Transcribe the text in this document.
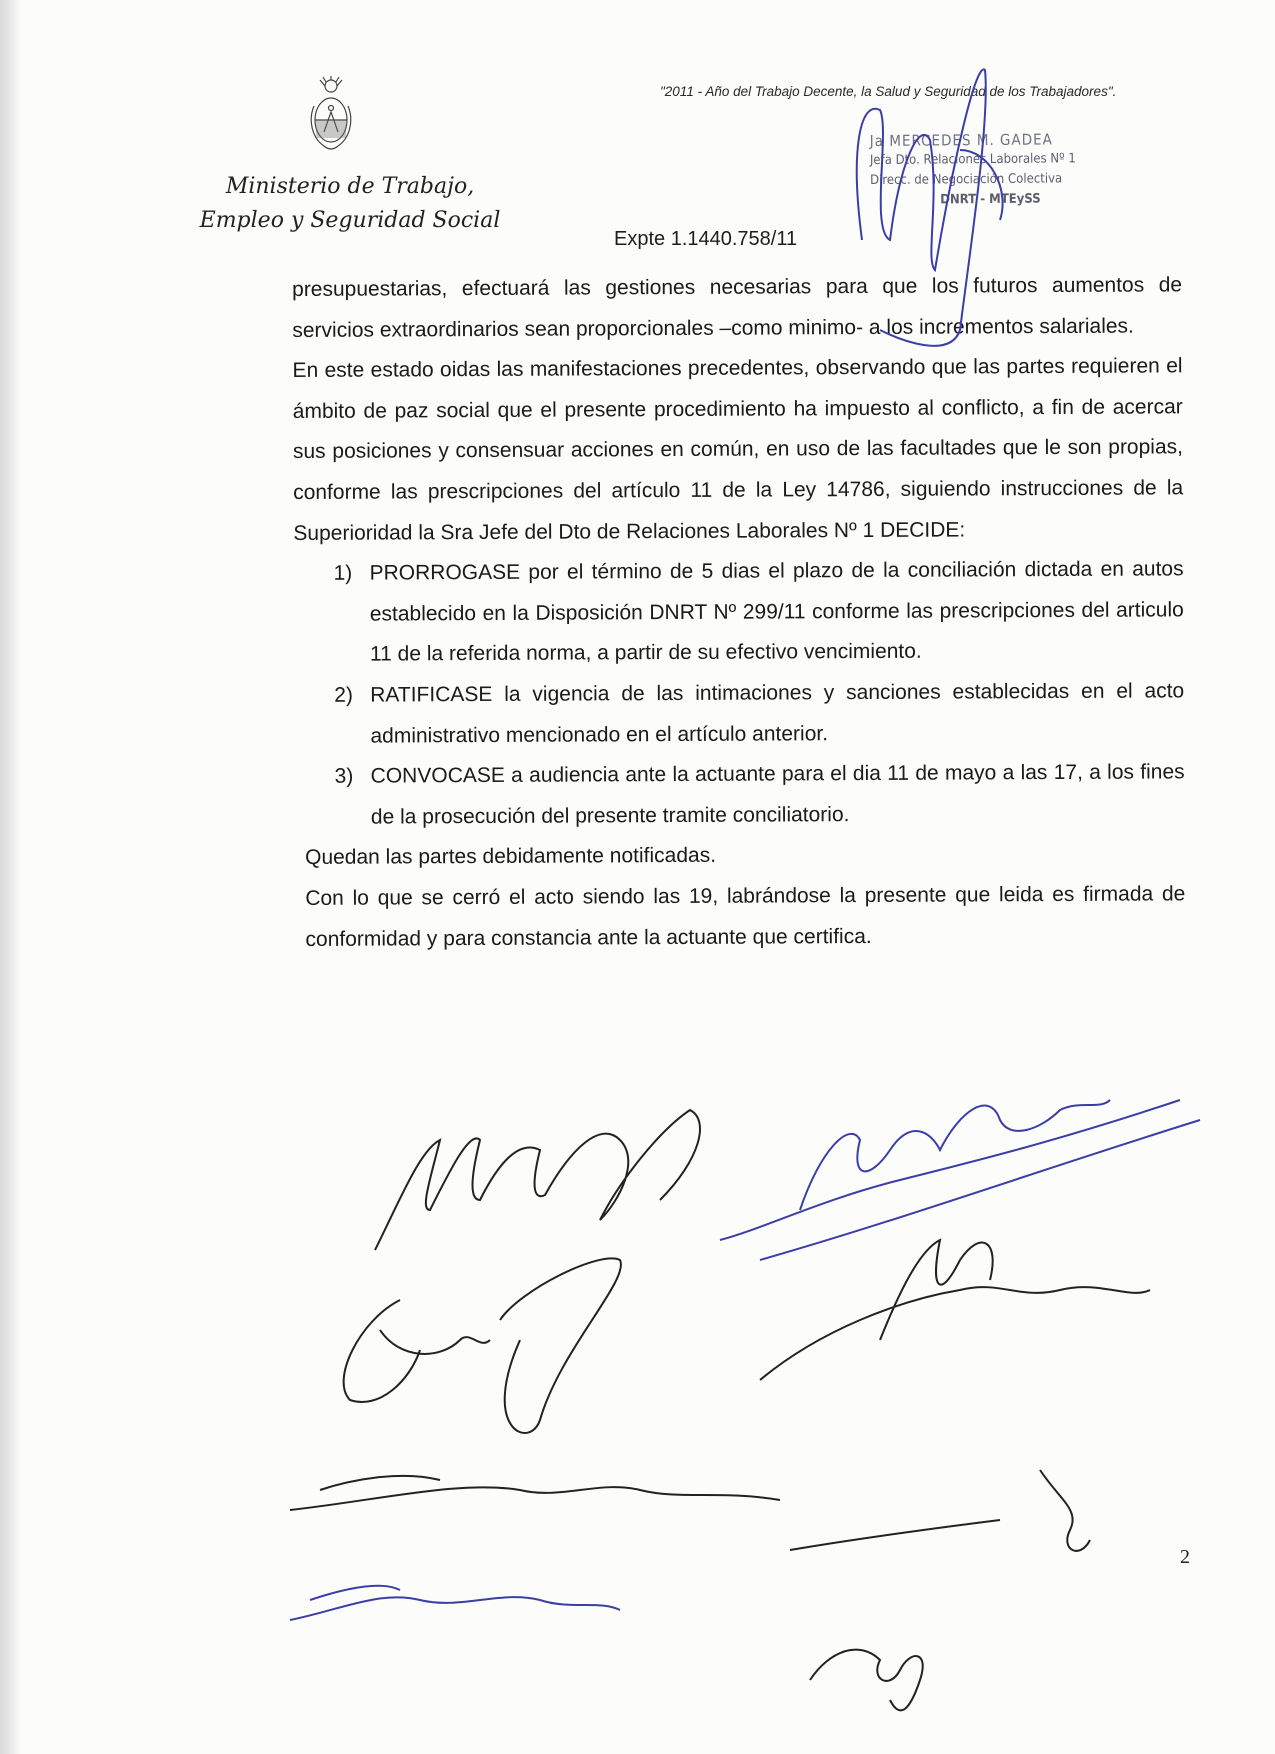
"2011 - Año del Trabajo Decente, la Salud y Seguridad de los Trabajadores".
Ministerio de Trabajo,
Empleo y Seguridad Social
Expte 1.1440.758/11
Ja MERCEDES M. GADEA
Jefa Dto. Relaciones Laborales Nº 1
Direcc. de Negociación Colectiva
DNRT - MTEySS
presupuestarias, efectuará las gestiones necesarias para que los futuros aumentos de servicios extraordinarios sean proporcionales –como minimo- a los incrementos salariales.
En este estado oidas las manifestaciones precedentes, observando que las partes requieren el ámbito de paz social que el presente procedimiento ha impuesto al conflicto, a fin de acercar sus posiciones y consensuar acciones en común, en uso de las facultades que le son propias, conforme las prescripciones del artículo 11 de la Ley 14786, siguiendo instrucciones de la Superioridad la Sra Jefe del Dto de Relaciones Laborales Nº 1 DECIDE:
1) PRORROGASE por el término de 5 dias el plazo de la conciliación dictada en autos establecido en la Disposición DNRT Nº 299/11 conforme las prescripciones del articulo 11 de la referida norma, a partir de su efectivo vencimiento.
2) RATIFICASE la vigencia de las intimaciones y sanciones establecidas en el acto administrativo mencionado en el artículo anterior.
3) CONVOCASE a audiencia ante la actuante para el dia 11 de mayo a las 17, a los fines de la prosecución del presente tramite conciliatorio.
Quedan las partes debidamente notificadas.
Con lo que se cerró el acto siendo las 19, labrándose la presente que leida es firmada de conformidad y para constancia ante la actuante que certifica.
2
